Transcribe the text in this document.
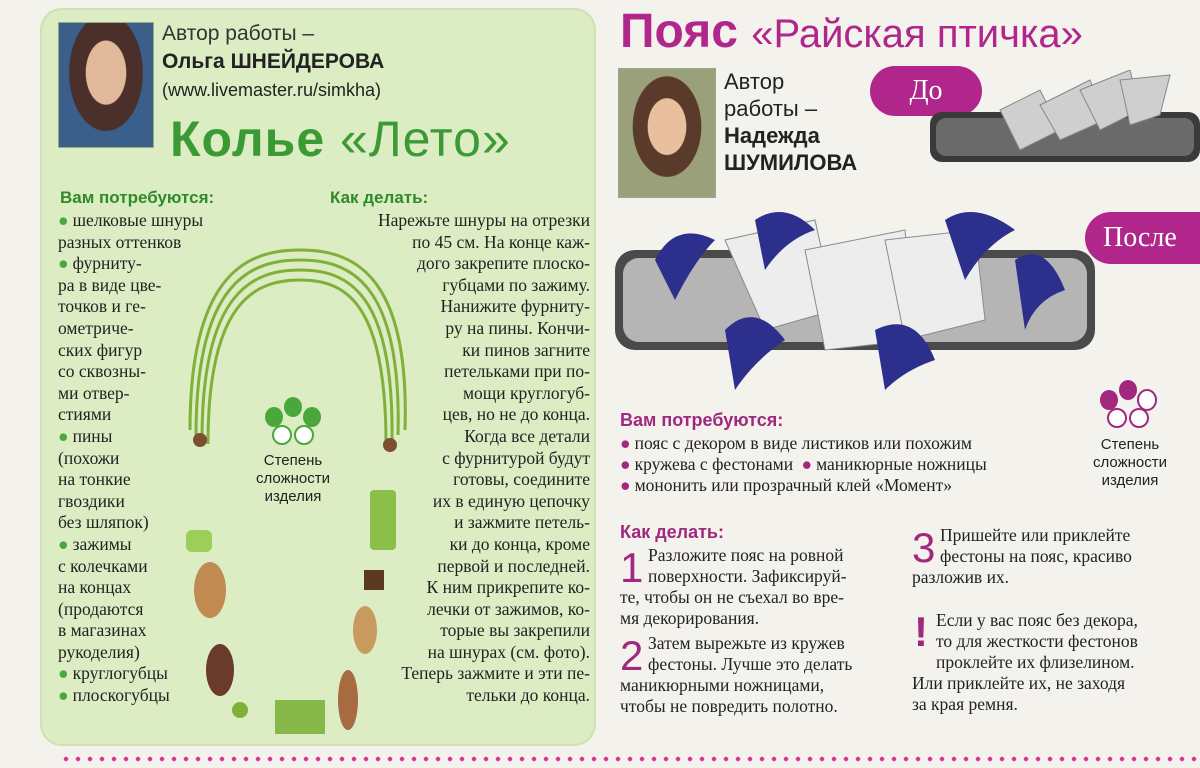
Автор работы –
Ольга ШНЕЙДЕРОВА
(www.livemaster.ru/simkha)
Колье «Лето»
Вам потребуются:
● шелковые шнуры
разных оттенков
● фурниту-
ра в виде цве-
точков и ге-
ометриче-
ских фигур
со сквозны-
ми отвер-
стиями
● пины
(похожи
на тонкие
гвоздики
без шляпок)
● зажимы
с колечками
на концах
(продаются
в магазинах
рукоделия)
● круглогубцы
● плоскогубцы
Как делать:
Нарежьте шнуры на отрезки
по 45 см. На конце каж-
дого закрепите плоско-
губцами по зажиму.
Нанижите фурниту-
ру на пины. Кончи-
ки пинов загните
петельками при по-
мощи круглогуб-
цев, но не до конца.
Когда все детали
с фурнитурой будут
готовы, соедините
их в единую цепочку
и зажмите петель-
ки до конца, кроме
первой и последней.
К ним прикрепите ко-
лечки от зажимов, ко-
торые вы закрепили
на шнурах (см. фото).
Теперь зажмите и эти пе-
тельки до конца.
Степень
сложности
изделия
Пояс «Райская птичка»
Автор
работы –
Надежда
ШУМИЛОВА
До
После
Вам потребуются:
● пояс с декором в виде листиков или похожим
● кружева с фестонами ● маникюрные ножницы
● мононить или прозрачный клей «Момент»
Степень
сложности
изделия
Как делать:
1 Разложите пояс на ровной
поверхности. Зафиксируй-
те, чтобы он не съехал во вре-
мя декорирования.
2 Затем вырежьте из кружев
фестоны. Лучше это делать
маникюрными ножницами,
чтобы не повредить полотно.
3 Пришейте или приклейте
фестоны на пояс, красиво
разложив их.
! Если у вас пояс без декора,
то для жесткости фестонов
проклейте их флизелином.
Или приклейте их, не заходя
за края ремня.
